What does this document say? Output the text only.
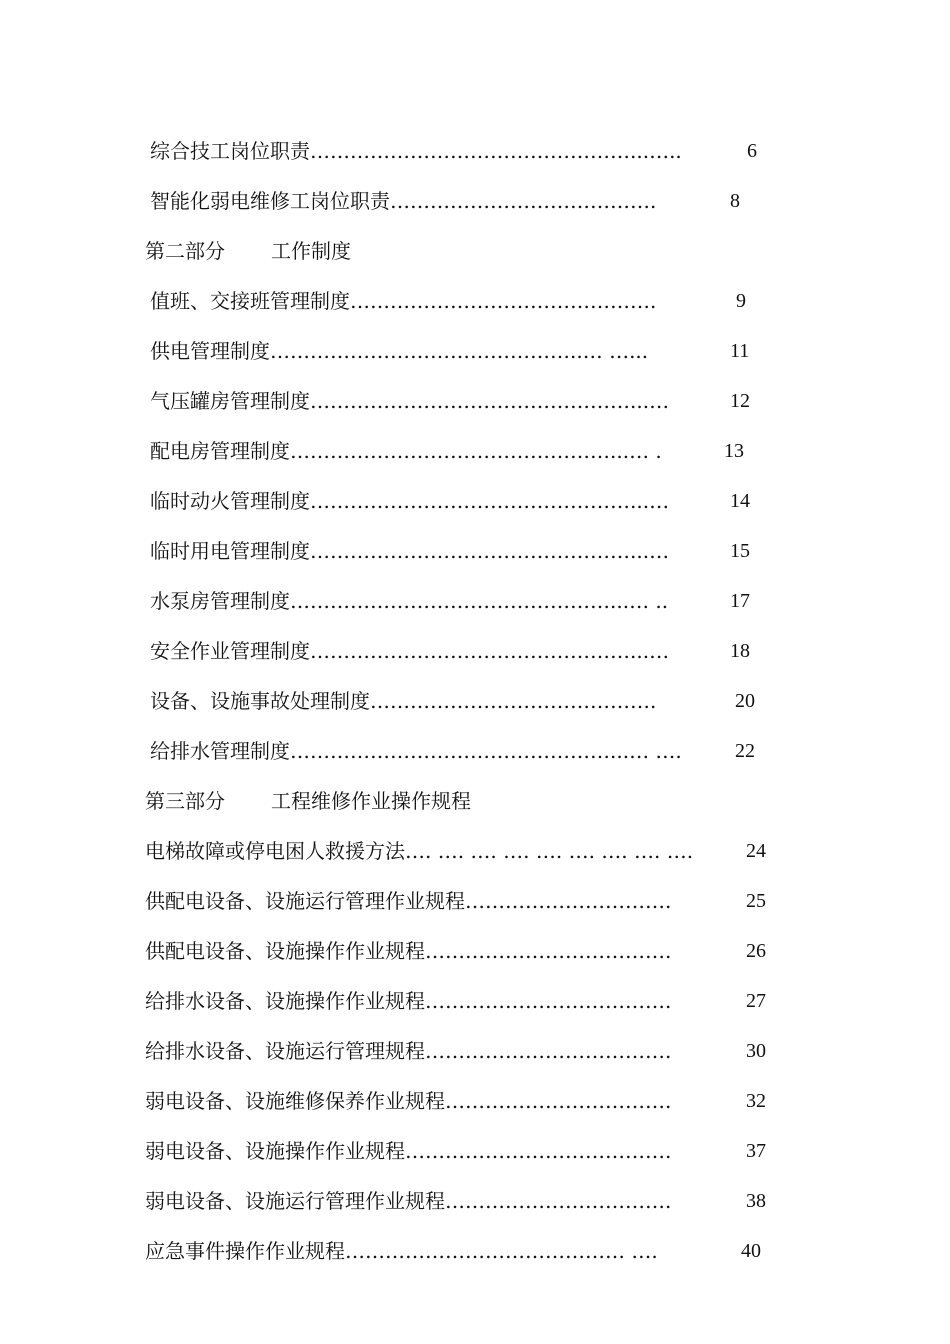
综合技工岗位职责…………………………………………...…..	6
智能化弱电维修工岗位职责………………………………….	8
第二部分 工作制度
值班、交接班管理制度……………………………………….	9
供电管理制度………………………………………..… …...	11
气压罐房管理制度…………………………………………...…	12
配电房管理制度…………………………………………...… .	13
临时动火管理制度…………………………………………...…	14
临时用电管理制度…………………………………………...…	15
水泵房管理制度…………………………………………...… ..	17
安全作业管理制度…………………………………………...…	18
设备、设施事故处理制度…………………………………….	20
给排水管理制度…………………………………………...… ….	22
第三部分 工程维修作业操作规程
电梯故障或停电困人救援方法…. …. …. …. …. …. …. …. ….	24
供配电设备、设施运行管理作业规程………………………….	25
供配电设备、设施操作作业规程……………………………….	26
给排水设备、设施操作作业规程……………………………….	27
给排水设备、设施运行管理规程……………………………….	30
弱电设备、设施维修保养作业规程…………………………….	32
弱电设备、设施操作作业规程………………………………….	37
弱电设备、设施运行管理作业规程…………………………….	38
应急事件操作作业规程…………………………………… ….	40
